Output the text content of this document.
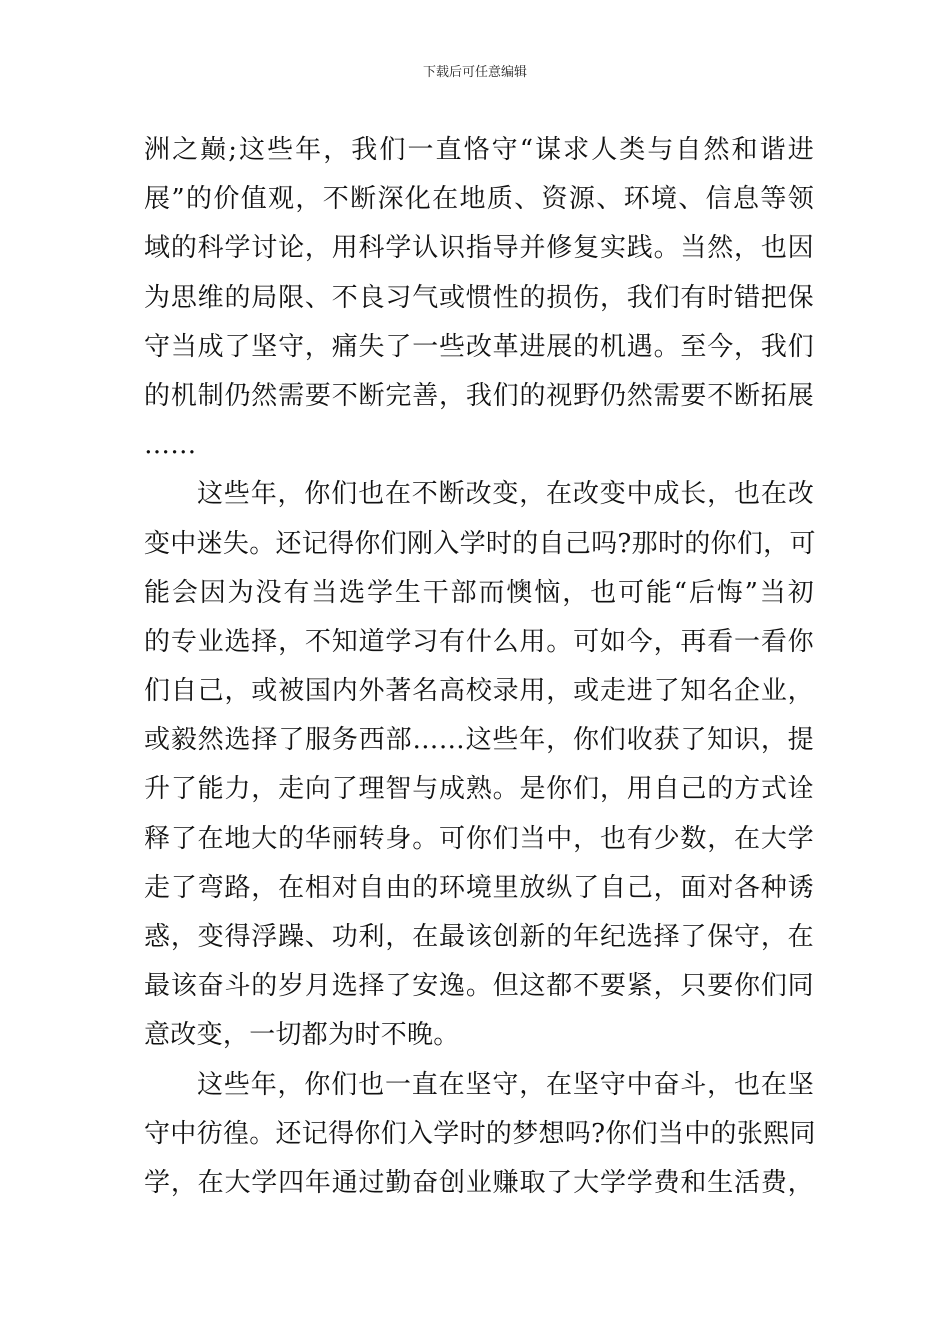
下载后可任意编辑
洲之巅;这些年，我们一直恪守“谋求人类与自然和谐进
展”的价值观，不断深化在地质、资源、环境、信息等领
域的科学讨论，用科学认识指导并修复实践。当然，也因
为思维的局限、不良习气或惯性的损伤，我们有时错把保
守当成了坚守，痛失了一些改革进展的机遇。至今，我们
的机制仍然需要不断完善，我们的视野仍然需要不断拓展
……
这些年，你们也在不断改变，在改变中成长，也在改
变中迷失。还记得你们刚入学时的自己吗?那时的你们，可
能会因为没有当选学生干部而懊恼，也可能“后悔”当初
的专业选择，不知道学习有什么用。可如今，再看一看你
们自己，或被国内外著名高校录用，或走进了知名企业，
或毅然选择了服务西部……这些年，你们收获了知识，提
升了能力，走向了理智与成熟。是你们，用自己的方式诠
释了在地大的华丽转身。可你们当中，也有少数，在大学
走了弯路，在相对自由的环境里放纵了自己，面对各种诱
惑，变得浮躁、功利，在最该创新的年纪选择了保守，在
最该奋斗的岁月选择了安逸。但这都不要紧，只要你们同
意改变，一切都为时不晚。
这些年，你们也一直在坚守，在坚守中奋斗，也在坚
守中彷徨。还记得你们入学时的梦想吗?你们当中的张熙同
学，在大学四年通过勤奋创业赚取了大学学费和生活费，
